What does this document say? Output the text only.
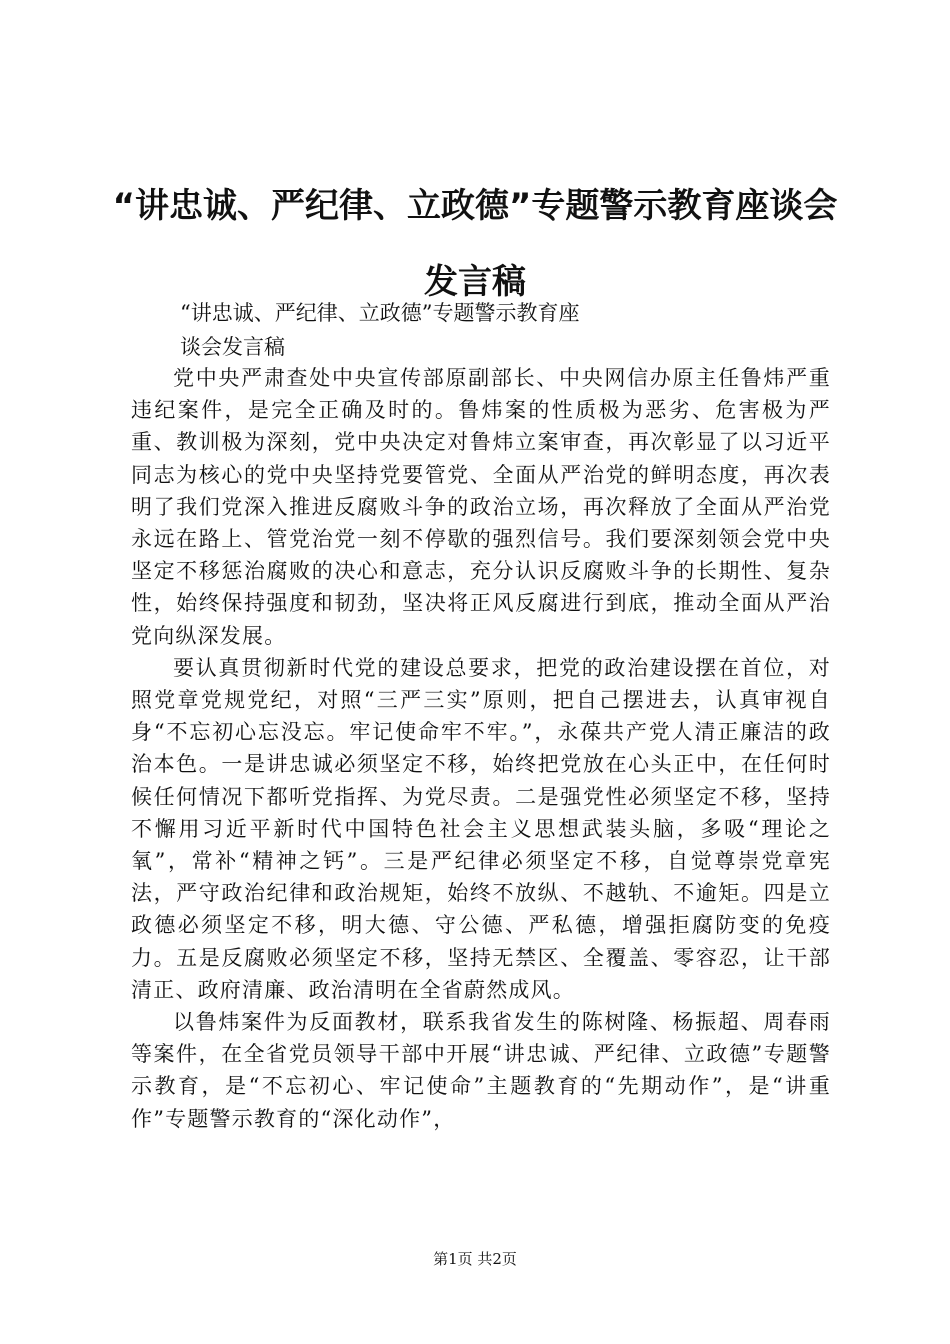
“讲忠诚、严纪律、立政德”专题警示教育座谈会发言稿
“讲忠诚、严纪律、立政德”专题警示教育座
谈会发言稿

党中央严肃查处中央宣传部原副部长、中央网信办原主任鲁炜严重违纪案件，是完全正确及时的。鲁炜案的性质极为恶劣、危害极为严重、教训极为深刻，党中央决定对鲁炜立案审查，再次彰显了以习近平同志为核心的党中央坚持党要管党、全面从严治党的鲜明态度，再次表明了我们党深入推进反腐败斗争的政治立场，再次释放了全面从严治党永远在路上、管党治党一刻不停歇的强烈信号。我们要深刻领会党中央坚定不移惩治腐败的决心和意志，充分认识反腐败斗争的长期性、复杂性，始终保持强度和韧劲，坚决将正风反腐进行到底，推动全面从严治党向纵深发展。

要认真贯彻新时代党的建设总要求，把党的政治建设摆在首位，对照党章党规党纪，对照“三严三实”原则，把自己摆进去，认真审视自身“不忘初心忘没忘。牢记使命牢不牢。”，永葆共产党人清正廉洁的政治本色。一是讲忠诚必须坚定不移，始终把党放在心头正中，在任何时候任何情况下都听党指挥、为党尽责。二是强党性必须坚定不移，坚持不懈用习近平新时代中国特色社会主义思想武装头脑，多吸“理论之氧”，常补“精神之钙”。三是严纪律必须坚定不移，自觉尊崇党章宪法，严守政治纪律和政治规矩，始终不放纵、不越轨、不逾矩。四是立政德必须坚定不移，明大德、守公德、严私德，增强拒腐防变的免疫力。五是反腐败必须坚定不移，坚持无禁区、全覆盖、零容忍，让干部清正、政府清廉、政治清明在全省蔚然成风。

以鲁炜案件为反面教材，联系我省发生的陈树隆、杨振超、周春雨等案件，在全省党员领导干部中开展“讲忠诚、严纪律、立政德”专题警示教育，是“不忘初心、牢记使命”主题教育的“先期动作”，是“讲重作”专题警示教育的“深化动作”，

第1页 共2页
